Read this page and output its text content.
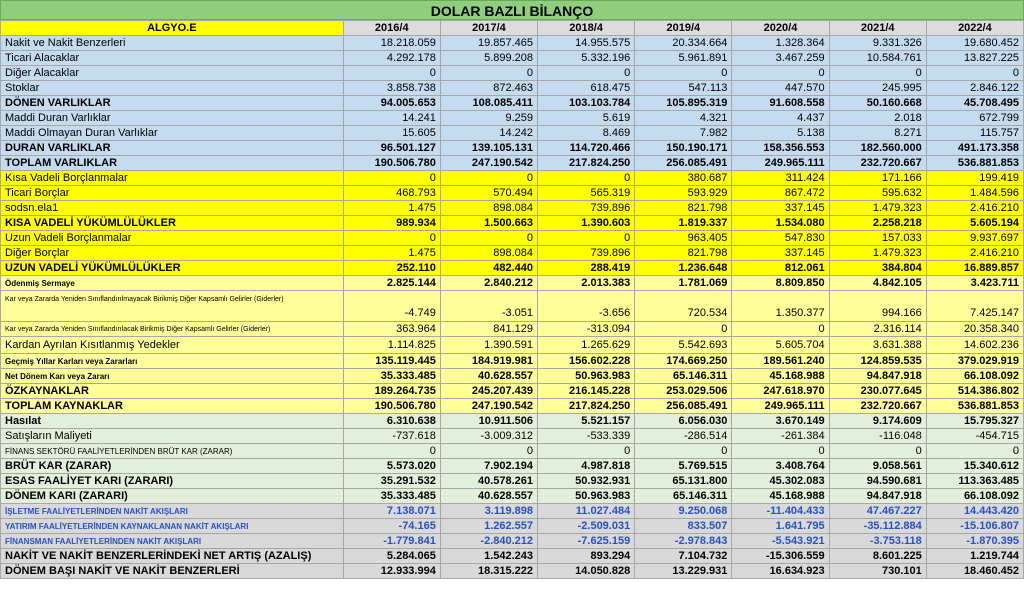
DOLAR BAZLI BİLANÇO
ALGYO.E	2016/4	2017/4	2018/4	2019/4	2020/4	2021/4	2022/4
Nakit ve Nakit Benzerleri	18.218.059	19.857.465	14.955.575	20.334.664	1.328.364	9.331.326	19.680.452
Ticari Alacaklar	4.292.178	5.899.208	5.332.196	5.961.891	3.467.259	10.584.761	13.827.225
Diğer Alacaklar	0	0	0	0	0	0	0
Stoklar	3.858.738	872.463	618.475	547.113	447.570	245.995	2.846.122
DÖNEN VARLIKLAR	94.005.653	108.085.411	103.103.784	105.895.319	91.608.558	50.160.668	45.708.495
Maddi Duran Varlıklar	14.241	9.259	5.619	4.321	4.437	2.018	672.799
Maddi Olmayan Duran Varlıklar	15.605	14.242	8.469	7.982	5.138	8.271	115.757
DURAN VARLIKLAR	96.501.127	139.105.131	114.720.466	150.190.171	158.356.553	182.560.000	491.173.358
TOPLAM VARLIKLAR	190.506.780	247.190.542	217.824.250	256.085.491	249.965.111	232.720.667	536.881.853
Kısa Vadeli Borçlanmalar	0	0	0	380.687	311.424	171.166	199.419
Ticari Borçlar	468.793	570.494	565.319	593.929	867.472	595.632	1.484.596
sodsn.ela1	1.475	898.084	739.896	821.798	337.145	1.479.323	2.416.210
KISA VADELİ YÜKÜMLÜLÜKLER	989.934	1.500.663	1.390.603	1.819.337	1.534.080	2.258.218	5.605.194
Uzun Vadeli Borçlanmalar	0	0	0	963.405	547.830	157.033	9.937.697
Diğer Borçlar	1.475	898.084	739.896	821.798	337.145	1.479.323	2.416.210
UZUN VADELİ YÜKÜMLÜLÜKLER	252.110	482.440	288.419	1.236.648	812.061	384.804	16.889.857
Ödenmiş Sermaye	2.825.144	2.840.212	2.013.383	1.781.069	8.809.850	4.842.105	3.423.711
Kar veya Zararda Yeniden Sınıflandırılmayacak Birikmiş Diğer Kapsamlı Gelirler (Giderler)	-4.749	-3.051	-3.656	720.534	1.350.377	994.166	7.425.147
Kar veya Zararda Yeniden Sınıflandırılacak Birikmiş Diğer Kapsamlı Gelirler (Giderler)	363.964	841.129	-313.094	0	0	2.316.114	20.358.340
Kardan Ayrılan Kısıtlanmış Yedekler	1.114.825	1.390.591	1.265.629	5.542.693	5.605.704	3.631.388	14.602.236
Geçmiş Yıllar Karları veya Zararları	135.119.445	184.919.981	156.602.228	174.669.250	189.561.240	124.859.535	379.029.919
Net Dönem Karı veya Zararı	35.333.485	40.628.557	50.963.983	65.146.311	45.168.988	94.847.918	66.108.092
ÖZKAYNAKLAR	189.264.735	245.207.439	216.145.228	253.029.506	247.618.970	230.077.645	514.386.802
TOPLAM KAYNAKLAR	190.506.780	247.190.542	217.824.250	256.085.491	249.965.111	232.720.667	536.881.853
Hasılat	6.310.638	10.911.506	5.521.157	6.056.030	3.670.149	9.174.609	15.795.327
Satışların Maliyeti	-737.618	-3.009.312	-533.339	-286.514	-261.384	-116.048	-454.715
FİNANS SEKTÖRÜ FAALİYETLERİNDEN BRÜT KAR (ZARAR)	0	0	0	0	0	0	0
BRÜT KAR (ZARAR)	5.573.020	7.902.194	4.987.818	5.769.515	3.408.764	9.058.561	15.340.612
ESAS FAALİYET KARI (ZARARI)	35.291.532	40.578.261	50.932.931	65.131.800	45.302.083	94.590.681	113.363.485
DÖNEM KARI (ZARARI)	35.333.485	40.628.557	50.963.983	65.146.311	45.168.988	94.847.918	66.108.092
İŞLETME FAALİYETLERİNDEN NAKİT AKIŞLARI	7.138.071	3.119.898	11.027.484	9.250.068	-11.404.433	47.467.227	14.443.420
YATIRIM FAALİYETLERİNDEN KAYNAKLANAN NAKİT AKIŞLARI	-74.165	1.262.557	-2.509.031	833.507	1.641.795	-35.112.884	-15.106.807
FİNANSMAN FAALİYETLERİNDEN NAKİT AKIŞLARI	-1.779.841	-2.840.212	-7.625.159	-2.978.843	-5.543.921	-3.753.118	-1.870.395
NAKİT VE NAKİT BENZERLERİNDEKİ NET ARTIŞ (AZALIŞ)	5.284.065	1.542.243	893.294	7.104.732	-15.306.559	8.601.225	1.219.744
DÖNEM BAŞI NAKİT VE NAKİT BENZERLERİ	12.933.994	18.315.222	14.050.828	13.229.931	16.634.923	730.101	18.460.452
